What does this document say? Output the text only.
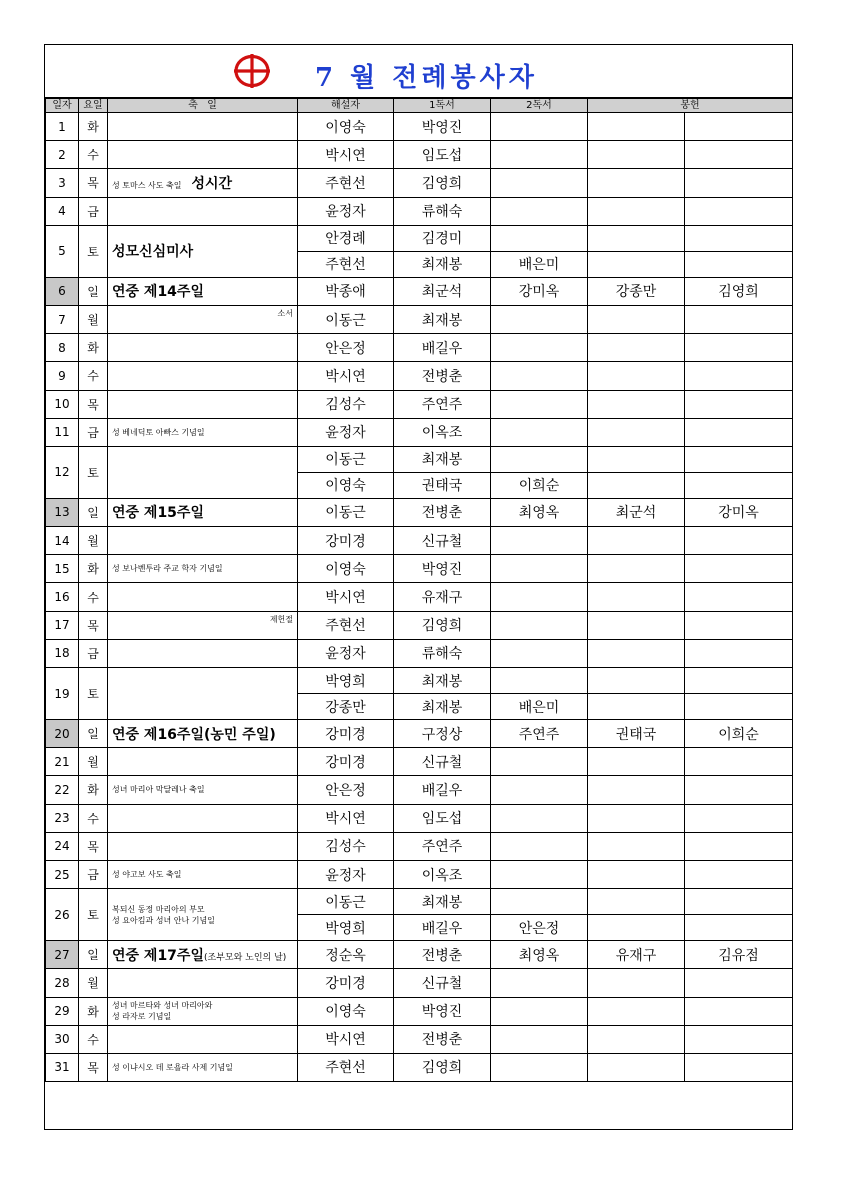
7 월 전례봉사자
일자	요일	축   일	해설자	1독서	2독서	봉헌	
1	화		이영숙	박영진			
2	수		박시연	임도섭			
3	목	성 토마스 사도 축일 성시간	주현선	김영희			
4	금		윤정자	류해숙			
5	토	성모신심미사	안경례	김경미			
			주현선	최재봉	배은미		
6	일	연중 제14주일	박종애	최군석	강미옥	강종만	김영희
7	월	소서	이동근	최재봉			
8	화		안은정	배길우			
9	수		박시연	전병춘			
10	목		김성수	주연주			
11	금	성 베네딕토 아빠스 기념일	윤정자	이옥조			
12	토		이동근	최재봉			
			이영숙	권태국	이희순		
13	일	연중 제15주일	이동근	전병춘	최영옥	최군석	강미옥
14	월		강미경	신규철			
15	화	성 보나벤투라 주교 학자 기념일	이영숙	박영진			
16	수		박시연	유재구			
17	목	제헌절	주현선	김영희			
18	금		윤정자	류해숙			
19	토		박영희	최재봉			
			강종만	최재봉	배은미		
20	일	연중 제16주일(농민 주일)	강미경	구정상	주연주	권태국	이희순
21	월		강미경	신규철			
22	화	성녀 마리아 막달레나 축일	안은정	배길우			
23	수		박시연	임도섭			
24	목		김성수	주연주			
25	금	성 야고보 사도 축일	윤정자	이옥조			
26	토	복되신 동정 마리아의 부모
성 요아킴과 성녀 안나 기념일	이동근	최재봉			
			박영희	배길우	안은정		
27	일	연중 제17주일(조부모와 노인의 날)	정순옥	전병춘	최영옥	유재구	김유점
28	월		강미경	신규철			
29	화	성녀 마르타와 성녀 마리아와
성 라자로 기념일	이영숙	박영진			
30	수		박시연	전병춘			
31	목	성 이냐시오 데 로욜라 사제 기념일	주현선	김영희			
